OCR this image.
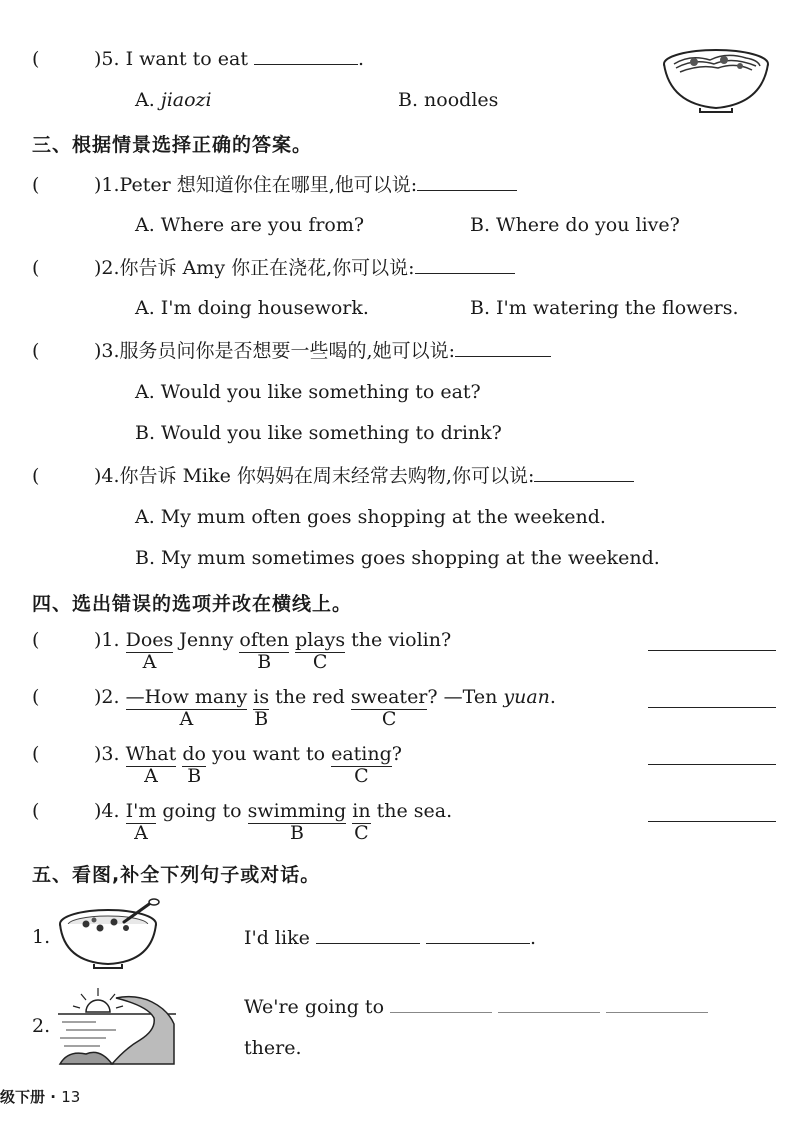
(	)5. I want to eat	.
A. jiaozi	B. noodles
三、根据情景选择正确的答案。
(	)1.Peter 想知道你住在哪里,他可以说:
A. Where are you from?	B. Where do you live?
(	)2.你告诉 Amy 你正在浇花,你可以说:
A. I'm doing housework.	B. I'm watering the flowers.
(	)3.服务员问你是否想要一些喝的,她可以说:
A. Would you like something to eat?
B. Would you like something to drink?
(	)4.你告诉 Mike 你妈妈在周末经常去购物,你可以说:
A. My mum often goes shopping at the weekend.
B. My mum sometimes goes shopping at the weekend.
四、选出错误的选项并改在横线上。
(	)1. Does
A
Jenny often
B
plays
C
the violin?
(	)2. —How many
A
is
B
the red sweater
C
? —Ten yuan.
(	)3. What
A
do
B
you want to eating
C
?
(	)4. I'm
A
going to swimming
B
in
C
the sea.
五、看图,补全下列句子或对话。
1.	I'd like	.
2.
We're going to
there.
级下册 · 13
